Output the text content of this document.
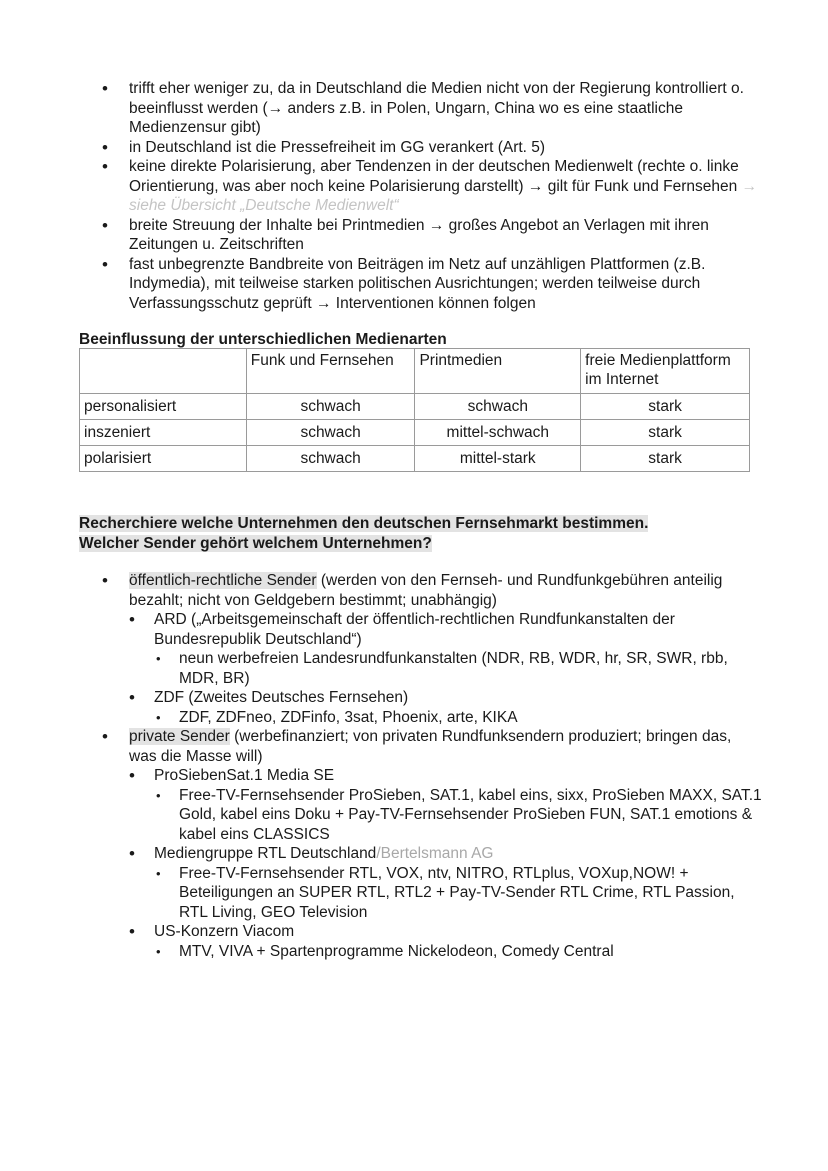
• trifft eher weniger zu, da in Deutschland die Medien nicht von der Regierung kontrolliert o. beeinflusst werden (→ anders z.B. in Polen, Ungarn, China wo es eine staatliche Medienzensur gibt)
• in Deutschland ist die Pressefreiheit im GG verankert (Art. 5)
• keine direkte Polarisierung, aber Tendenzen in der deutschen Medienwelt (rechte o. linke Orientierung, was aber noch keine Polarisierung darstellt) → gilt für Funk und Fernsehen → siehe Übersicht „Deutsche Medienwelt“
• breite Streuung der Inhalte bei Printmedien → großes Angebot an Verlagen mit ihren Zeitungen u. Zeitschriften
• fast unbegrenzte Bandbreite von Beiträgen im Netz auf unzähligen Plattformen (z.B. Indymedia), mit teilweise starken politischen Ausrichtungen; werden teilweise durch Verfassungsschutz geprüft → Interventionen können folgen
Beeinflussung der unterschiedlichen Medienarten
	Funk und Fernsehen	Printmedien	freie Medienplattform im Internet
personalisiert	schwach	schwach	stark
inszeniert	schwach	mittel-schwach	stark
polarisiert	schwach	mittel-stark	stark
Recherchiere welche Unternehmen den deutschen Fernsehmarkt bestimmen.
Welcher Sender gehört welchem Unternehmen?
• öffentlich-rechtliche Sender (werden von den Fernseh- und Rundfunkgebühren anteilig bezahlt; nicht von Geldgebern bestimmt; unabhängig)
• ARD („Arbeitsgemeinschaft der öffentlich-rechtlichen Rundfunkanstalten der Bundesrepublik Deutschland“)
• neun werbefreien Landesrundfunkanstalten (NDR, RB, WDR, hr, SR, SWR, rbb, MDR, BR)
• ZDF (Zweites Deutsches Fernsehen)
• ZDF, ZDFneo, ZDFinfo, 3sat, Phoenix, arte, KIKA
• private Sender (werbefinanziert; von privaten Rundfunksendern produziert; bringen das, was die Masse will)
• ProSiebenSat.1 Media SE
• Free-TV-Fernsehsender ProSieben, SAT.1, kabel eins, sixx, ProSieben MAXX, SAT.1 Gold, kabel eins Doku + Pay-TV-Fernsehsender ProSieben FUN, SAT.1 emotions & kabel eins CLASSICS
• Mediengruppe RTL Deutschland/Bertelsmann AG
• Free-TV-Fernsehsender RTL, VOX, ntv, NITRO, RTLplus, VOXup,NOW! + Beteiligungen an SUPER RTL, RTL2 + Pay-TV-Sender RTL Crime, RTL Passion, RTL Living, GEO Television
• US-Konzern Viacom
• MTV, VIVA + Spartenprogramme Nickelodeon, Comedy Central
